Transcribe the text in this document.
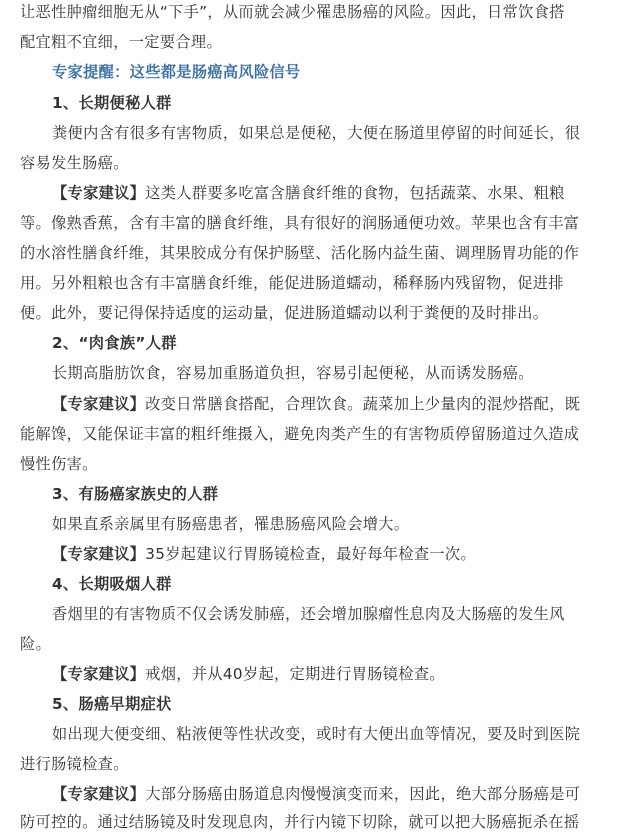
让恶性肿瘤细胞无从“下手”，从而就会减少罹患肠癌的风险。因此，日常饮食搭
配宜粗不宜细，一定要合理。
专家提醒：这些都是肠癌高风险信号
1、长期便秘人群
粪便内含有很多有害物质，如果总是便秘，大便在肠道里停留的时间延长，很
容易发生肠癌。
【专家建议】这类人群要多吃富含膳食纤维的食物，包括蔬菜、水果、粗粮
等。像熟香蕉，含有丰富的膳食纤维，具有很好的润肠通便功效。苹果也含有丰富
的水溶性膳食纤维，其果胶成分有保护肠壁、活化肠内益生菌、调理肠胃功能的作
用。另外粗粮也含有丰富膳食纤维，能促进肠道蠕动，稀释肠内残留物，促进排
便。此外，要记得保持适度的运动量，促进肠道蠕动以利于粪便的及时排出。
2、“肉食族”人群
长期高脂肪饮食，容易加重肠道负担，容易引起便秘，从而诱发肠癌。
【专家建议】改变日常膳食搭配，合理饮食。蔬菜加上少量肉的混炒搭配，既
能解馋，又能保证丰富的粗纤维摄入，避免肉类产生的有害物质停留肠道过久造成
慢性伤害。
3、有肠癌家族史的人群
如果直系亲属里有肠癌患者，罹患肠癌风险会增大。
【专家建议】35岁起建议行胃肠镜检查，最好每年检查一次。
4、长期吸烟人群
香烟里的有害物质不仅会诱发肺癌，还会增加腺瘤性息肉及大肠癌的发生风
险。
【专家建议】戒烟，并从40岁起，定期进行胃肠镜检查。
5、肠癌早期症状
如出现大便变细、粘液便等性状改变，或时有大便出血等情况，要及时到医院
进行肠镜检查。
【专家建议】大部分肠癌由肠道息肉慢慢演变而来，因此，绝大部分肠癌是可
防可控的。通过结肠镜及时发现息肉，并行内镜下切除，就可以把大肠癌扼杀在摇
